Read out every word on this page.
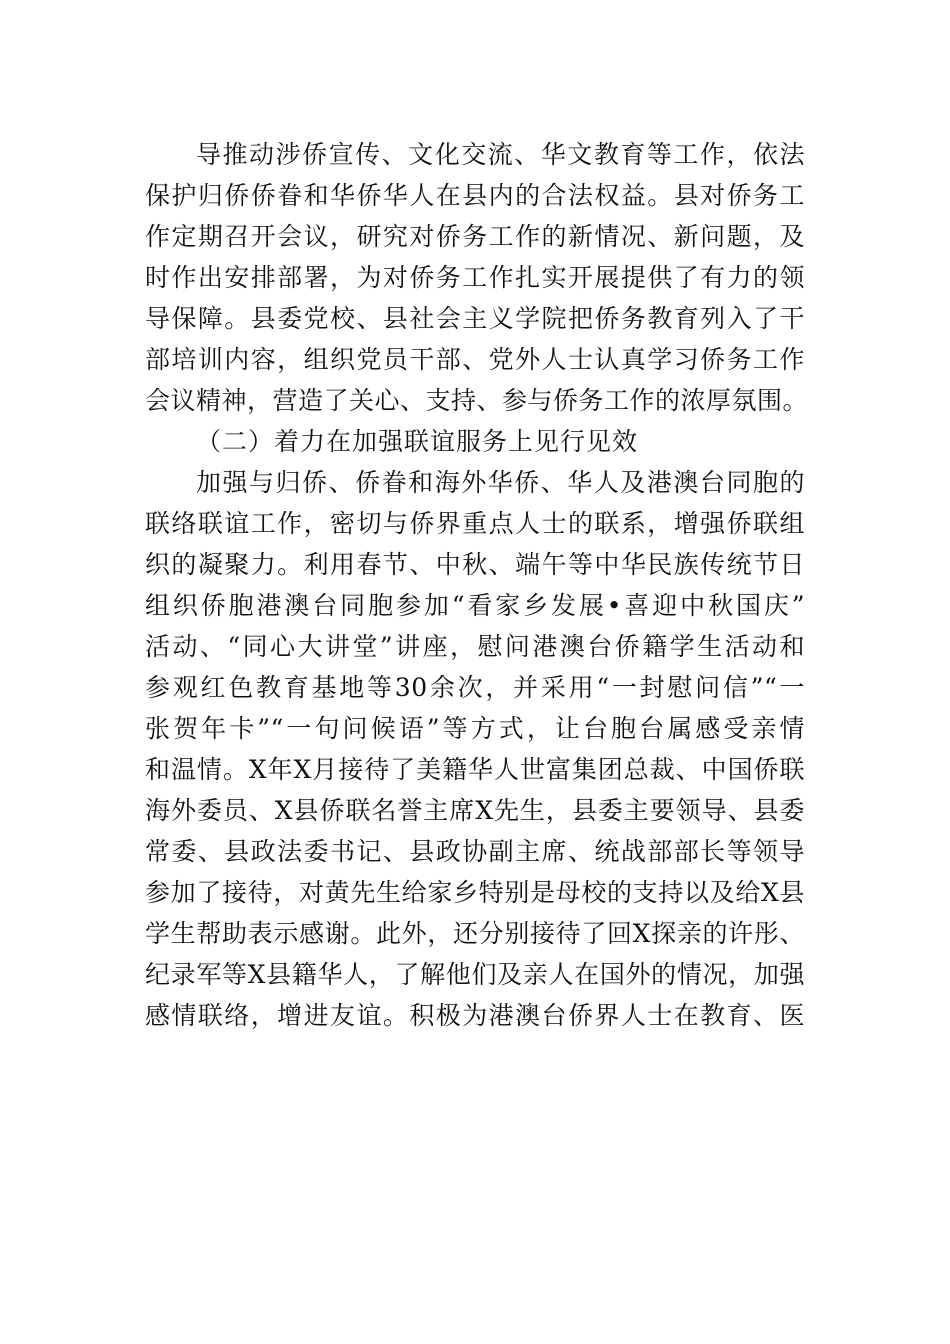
导推动涉侨宣传、文化交流、华文教育等工作，依法
保护归侨侨眷和华侨华人在县内的合法权益。县对侨务工
作定期召开会议，研究对侨务工作的新情况、新问题，及
时作出安排部署，为对侨务工作扎实开展提供了有力的领
导保障。县委党校、县社会主义学院把侨务教育列入了干
部培训内容，组织党员干部、党外人士认真学习侨务工作
会议精神，营造了关心、支持、参与侨务工作的浓厚氛围。
（二）着力在加强联谊服务上见行见效
加强与归侨、侨眷和海外华侨、华人及港澳台同胞的
联络联谊工作，密切与侨界重点人士的联系，增强侨联组
织的凝聚力。利用春节、中秋、端午等中华民族传统节日
组织侨胞港澳台同胞参加“看家乡发展•喜迎中秋国庆”
活动、“同心大讲堂”讲座，慰问港澳台侨籍学生活动和
参观红色教育基地等30余次，并采用“一封慰问信”“一
张贺年卡”“一句问候语”等方式，让台胞台属感受亲情
和温情。X年X月接待了美籍华人世富集团总裁、中国侨联
海外委员、X县侨联名誉主席X先生，县委主要领导、县委
常委、县政法委书记、县政协副主席、统战部部长等领导
参加了接待，对黄先生给家乡特别是母校的支持以及给X县
学生帮助表示感谢。此外，还分别接待了回X探亲的许彤、
纪录军等X县籍华人，了解他们及亲人在国外的情况，加强
感情联络，增进友谊。积极为港澳台侨界人士在教育、医
